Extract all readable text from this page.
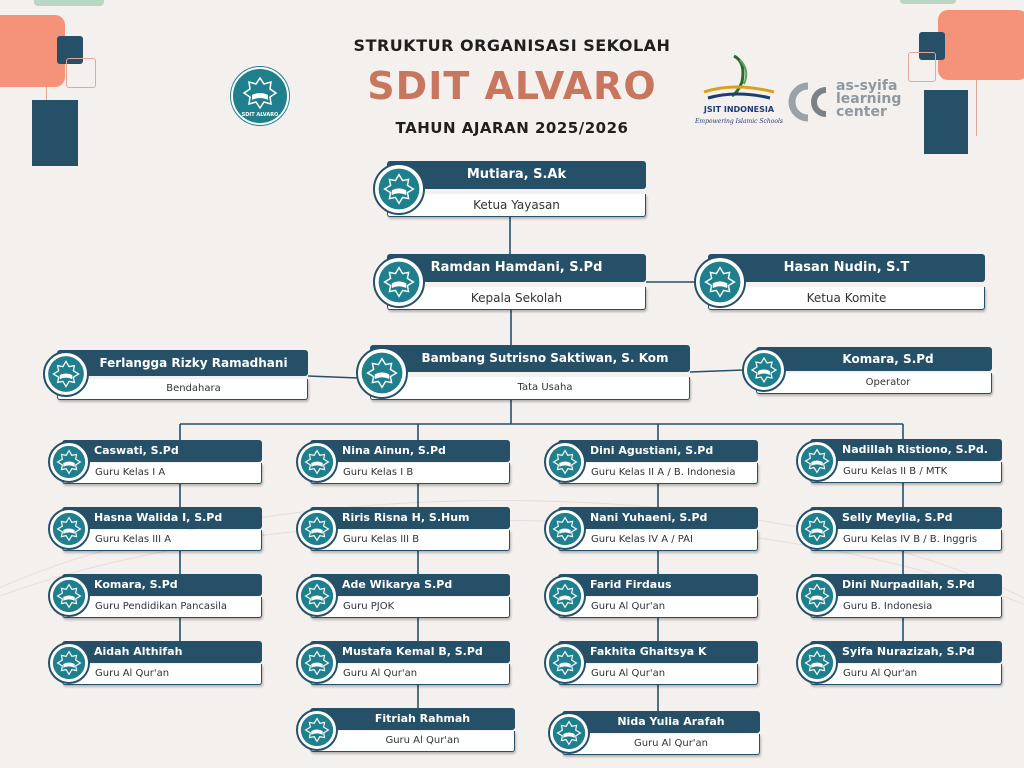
SDIT ALVARO
JSIT INDONESIA
Empowering Islamic Schools
as-syifa
learning
center
STRUKTUR ORGANISASI SEKOLAH
SDIT ALVARO
TAHUN AJARAN 2025/2026
Mutiara, S.Ak
Ketua Yayasan
Ramdan Hamdani, S.Pd
Kepala Sekolah
Hasan Nudin, S.T
Ketua Komite
Ferlangga Rizky Ramadhani
Bendahara
Bambang Sutrisno Saktiwan, S. Kom
Tata Usaha
Komara, S.Pd
Operator
Caswati, S.Pd
Guru Kelas I A
Hasna Walida I, S.Pd
Guru Kelas III A
Komara, S.Pd
Guru Pendidikan Pancasila
Aidah Althifah
Guru Al Qur'an
Nina Ainun, S.Pd
Guru Kelas I B
Riris Risna H, S.Hum
Guru Kelas III B
Ade Wikarya S.Pd
Guru PJOK
Mustafa Kemal B, S.Pd
Guru Al Qur'an
Fitriah Rahmah
Guru Al Qur'an
Dini Agustiani, S.Pd
Guru Kelas II A / B. Indonesia
Nani Yuhaeni, S.Pd
Guru Kelas IV A / PAI
Farid Firdaus
Guru Al Qur'an
Fakhita Ghaitsya K
Guru Al Qur'an
Nida Yulia Arafah
Guru Al Qur'an
Nadillah Ristiono, S.Pd.
Guru Kelas II B / MTK
Selly Meylia, S.Pd
Guru Kelas IV B / B. Inggris
Dini Nurpadilah, S.Pd
Guru B. Indonesia
Syifa Nurazizah, S.Pd
Guru Al Qur'an
